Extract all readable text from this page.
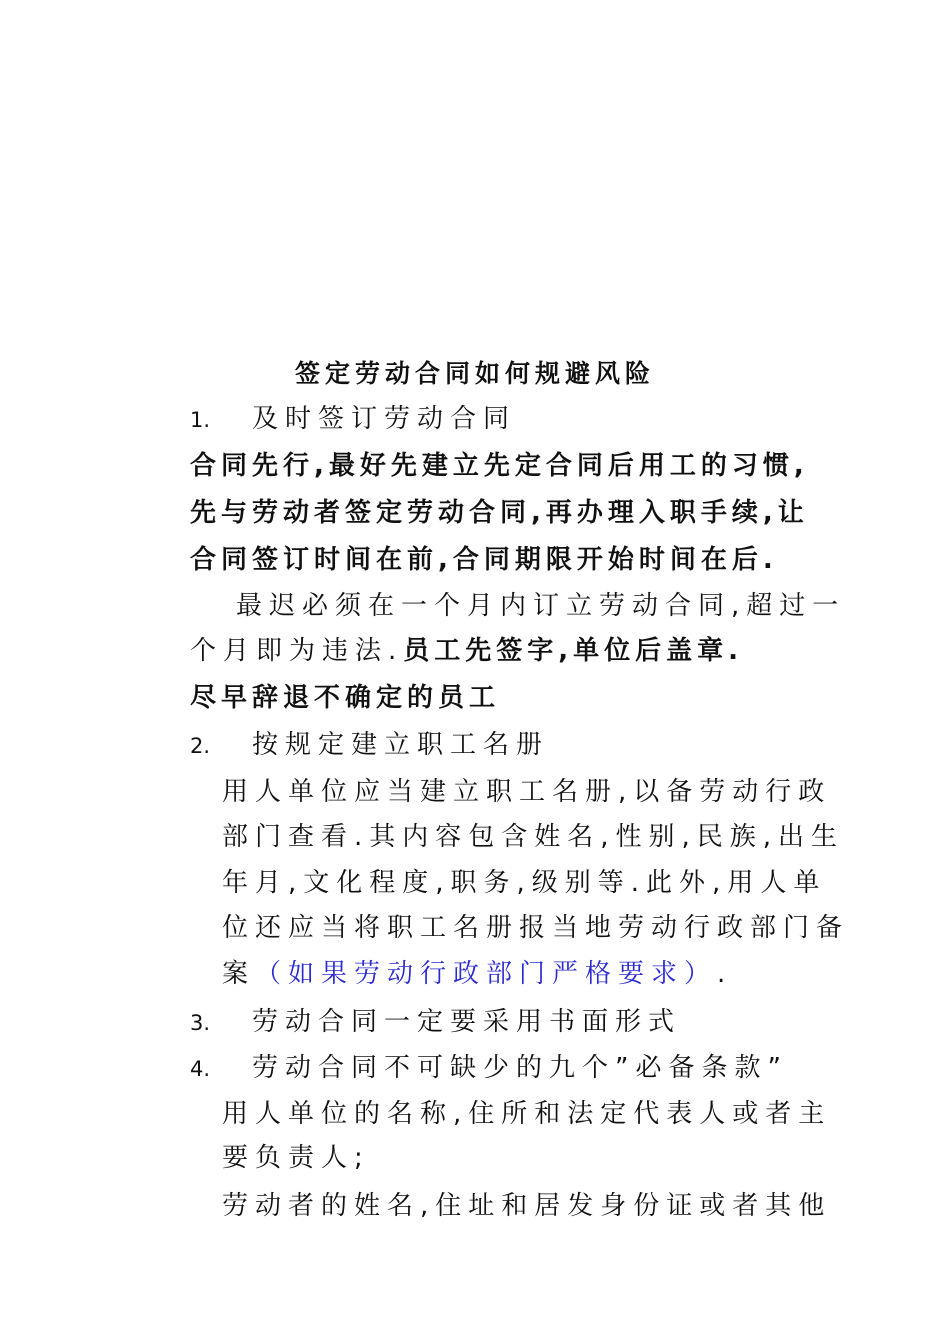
签定劳动合同如何规避风险
1. 及时签订劳动合同
合同先行,最好先建立先定合同后用工的习惯,
先与劳动者签定劳动合同,再办理入职手续,让
合同签订时间在前,合同期限开始时间在后.
最迟必须在一个月内订立劳动合同,超过一
个月即为违法.员工先签字,单位后盖章.
尽早辞退不确定的员工
2. 按规定建立职工名册
用人单位应当建立职工名册,以备劳动行政
部门查看.其内容包含姓名,性别,民族,出生
年月,文化程度,职务,级别等.此外,用人单
位还应当将职工名册报当地劳动行政部门备
案（如果劳动行政部门严格要求）.
3. 劳动合同一定要采用书面形式
4. 劳动合同不可缺少的九个”必备条款”
用人单位的名称,住所和法定代表人或者主
要负责人;
劳动者的姓名,住址和居发身份证或者其他
